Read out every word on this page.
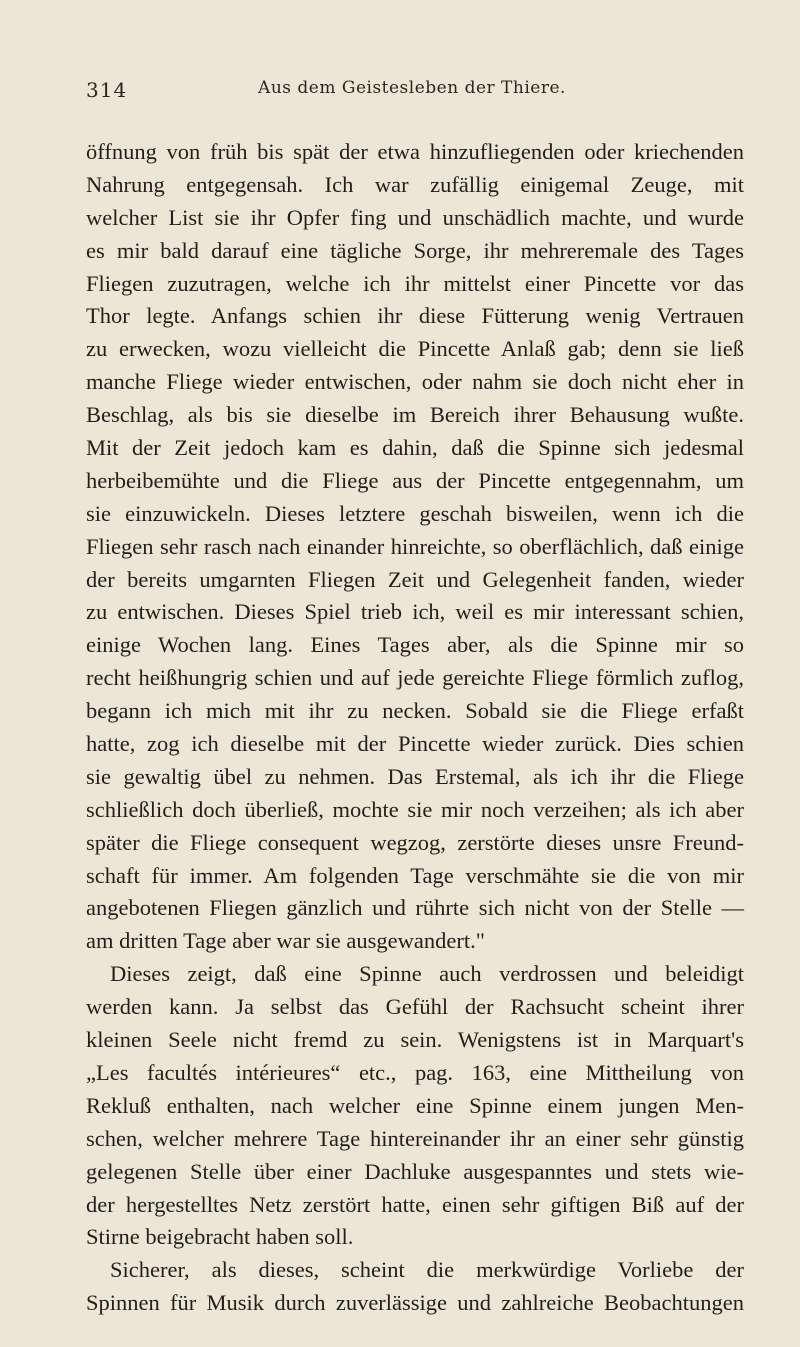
314	Aus dem Geistesleben der Thiere.
öffnung von früh bis spät der etwa hinzufliegenden oder kriechenden
Nahrung entgegensah. Ich war zufällig einigemal Zeuge, mit
welcher List sie ihr Opfer fing und unschädlich machte, und wurde
es mir bald darauf eine tägliche Sorge, ihr mehreremale des Tages
Fliegen zuzutragen, welche ich ihr mittelst einer Pincette vor das
Thor legte. Anfangs schien ihr diese Fütterung wenig Vertrauen
zu erwecken, wozu vielleicht die Pincette Anlaß gab; denn sie ließ
manche Fliege wieder entwischen, oder nahm sie doch nicht eher in
Beschlag, als bis sie dieselbe im Bereich ihrer Behausung wußte.
Mit der Zeit jedoch kam es dahin, daß die Spinne sich jedesmal
herbeibemühte und die Fliege aus der Pincette entgegennahm, um
sie einzuwickeln. Dieses letztere geschah bisweilen, wenn ich die
Fliegen sehr rasch nach einander hinreichte, so oberflächlich, daß einige
der bereits umgarnten Fliegen Zeit und Gelegenheit fanden, wieder
zu entwischen. Dieses Spiel trieb ich, weil es mir interessant schien,
einige Wochen lang. Eines Tages aber, als die Spinne mir so
recht heißhungrig schien und auf jede gereichte Fliege förmlich zuflog,
begann ich mich mit ihr zu necken. Sobald sie die Fliege erfaßt
hatte, zog ich dieselbe mit der Pincette wieder zurück. Dies schien
sie gewaltig übel zu nehmen. Das Erstemal, als ich ihr die Fliege
schließlich doch überließ, mochte sie mir noch verzeihen; als ich aber
später die Fliege consequent wegzog, zerstörte dieses unsre Freund-
schaft für immer. Am folgenden Tage verschmähte sie die von mir
angebotenen Fliegen gänzlich und rührte sich nicht von der Stelle —
am dritten Tage aber war sie ausgewandert."
Dieses zeigt, daß eine Spinne auch verdrossen und beleidigt
werden kann. Ja selbst das Gefühl der Rachsucht scheint ihrer
kleinen Seele nicht fremd zu sein. Wenigstens ist in Marquart's
„Les facultés intérieures“ etc., pag. 163, eine Mittheilung von
Rekluß enthalten, nach welcher eine Spinne einem jungen Men-
schen, welcher mehrere Tage hintereinander ihr an einer sehr günstig
gelegenen Stelle über einer Dachluke ausgespanntes und stets wie-
der hergestelltes Netz zerstört hatte, einen sehr giftigen Biß auf der
Stirne beigebracht haben soll.
Sicherer, als dieses, scheint die merkwürdige Vorliebe der
Spinnen für Musik durch zuverlässige und zahlreiche Beobachtungen
